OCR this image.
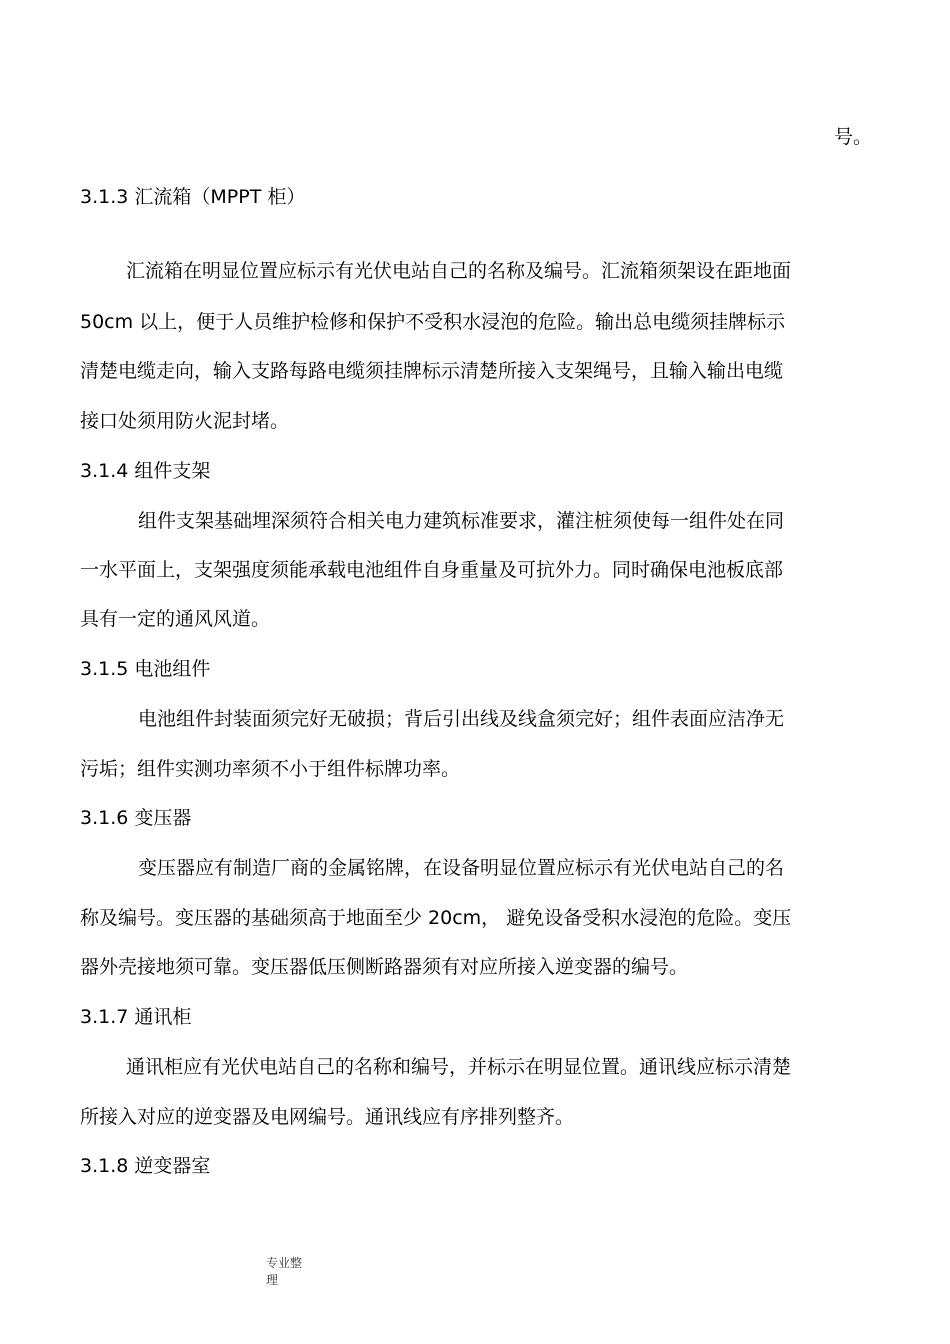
号。
3.1.3 汇流箱（MPPT 柜）
汇流箱在明显位置应标示有光伏电站自己的名称及编号。汇流箱须架设在距地面
50cm 以上，便于人员维护检修和保护不受积水浸泡的危险。输出总电缆须挂牌标示
清楚电缆走向，输入支路每路电缆须挂牌标示清楚所接入支架绳号，且输入输出电缆
接口处须用防火泥封堵。
3.1.4 组件支架
组件支架基础埋深须符合相关电力建筑标准要求，灌注桩须使每一组件处在同
一水平面上，支架强度须能承载电池组件自身重量及可抗外力。同时确保电池板底部
具有一定的通风风道。
3.1.5 电池组件
电池组件封装面须完好无破损；背后引出线及线盒须完好；组件表面应洁净无
污垢；组件实测功率须不小于组件标牌功率。
3.1.6 变压器
变压器应有制造厂商的金属铭牌，在设备明显位置应标示有光伏电站自己的名
称及编号。变压器的基础须高于地面至少 20cm， 避免设备受积水浸泡的危险。变压
器外壳接地须可靠。变压器低压侧断路器须有对应所接入逆变器的编号。
3.1.7 通讯柜
通讯柜应有光伏电站自己的名称和编号，并标示在明显位置。通讯线应标示清楚
所接入对应的逆变器及电网编号。通讯线应有序排列整齐。
3.1.8 逆变器室
专业整理
